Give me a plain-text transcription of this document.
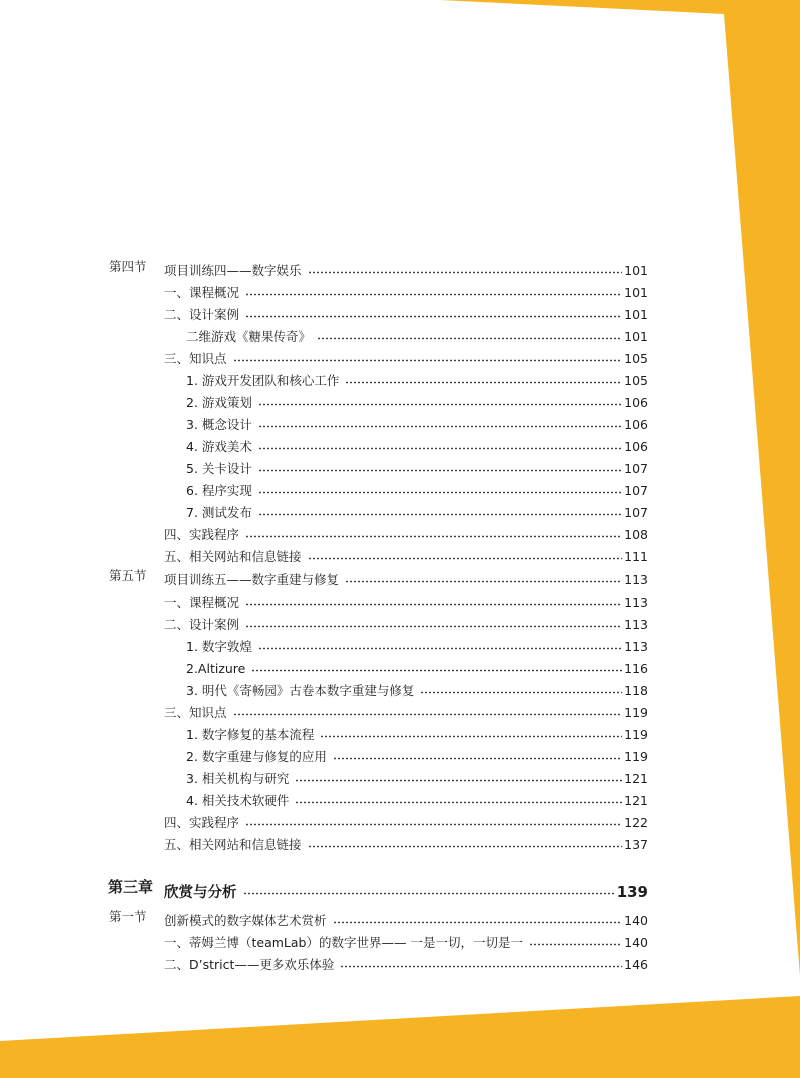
第四节 项目训练四——数字娱乐	101
一、课程概况	101
二、设计案例	101
二维游戏《糖果传奇》	101
三、知识点	105
1. 游戏开发团队和核心工作	105
2. 游戏策划	106
3. 概念设计	106
4. 游戏美术	106
5. 关卡设计	107
6. 程序实现	107
7. 测试发布	107
四、实践程序	108
五、相关网站和信息链接	111
第五节 项目训练五——数字重建与修复	113
一、课程概况	113
二、设计案例	113
1. 数字敦煌	113
2.Altizure	116
3. 明代《寄畅园》古卷本数字重建与修复	118
三、知识点	119
1. 数字修复的基本流程	119
2. 数字重建与修复的应用	119
3. 相关机构与研究	121
4. 相关技术软硬件	121
四、实践程序	122
五、相关网站和信息链接	137
第三章 欣赏与分析	139
第一节 创新模式的数字媒体艺术赏析	140
一、蒂姆兰博（teamLab）的数字世界—— 一是一切，一切是一	140
二、D’strict——更多欢乐体验	146
